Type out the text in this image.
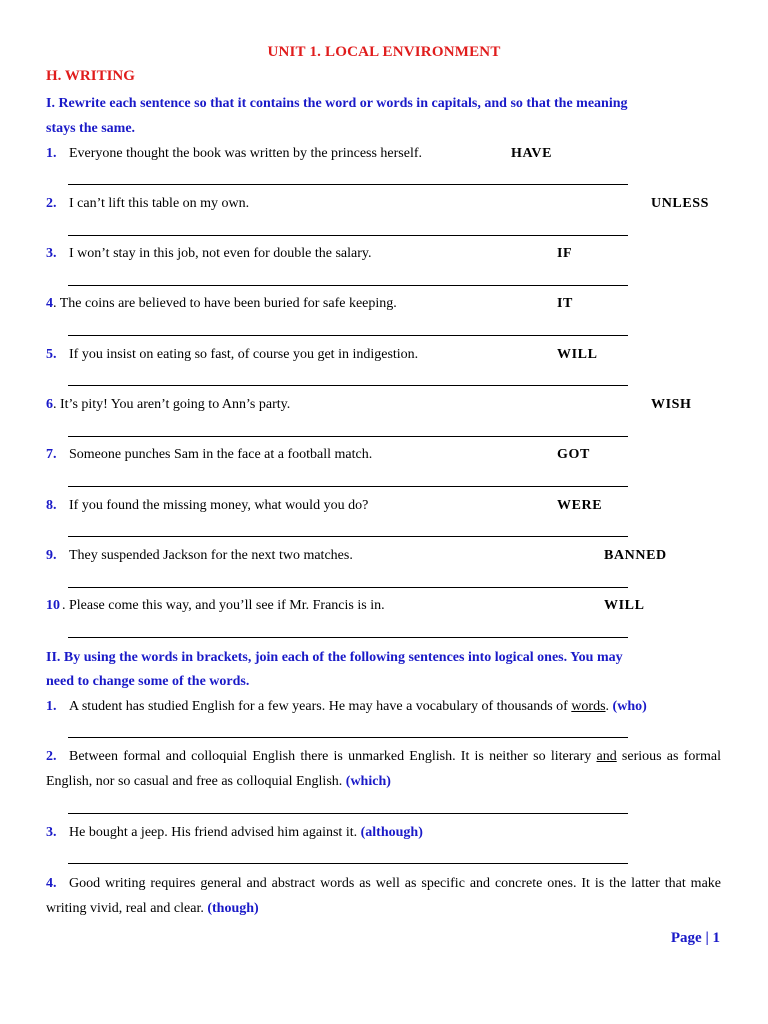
UNIT 1. LOCAL ENVIRONMENT
H. WRITING
I. Rewrite each sentence so that it contains the word or words in capitals, and so that the meaning
stays the same.
1. Everyone thought the book was written by the princess herself.	HAVE
2. I can’t lift this table on my own.	UNLESS
3. I won’t stay in this job, not even for double the salary.	IF
4 . The coins are believed to have been buried for safe keeping.	IT
5. If you insist on eating so fast, of course you get in indigestion.	WILL
6 . It’s pity! You aren’t going to Ann’s party.	WISH
7. Someone punches Sam in the face at a football match.	GOT
8. If you found the missing money, what would you do?	WERE
9. They suspended Jackson for the next two matches.	BANNED
10 . Please come this way, and you’ll see if Mr. Francis is in.	WILL
II. By using the words in brackets, join each of the following sentences into logical ones. You may
need to change some of the words.
1. A student has studied English for a few years. He may have a vocabulary of thousands of words. (who)
2. Between formal and colloquial English there is unmarked English. It is neither so literary and serious as formal English, nor so casual and free as colloquial English. (which)
3. He bought a jeep. His friend advised him against it. (although)
4. Good writing requires general and abstract words as well as specific and concrete ones. It is the latter that make writing vivid, real and clear. (though)
Page | 1
